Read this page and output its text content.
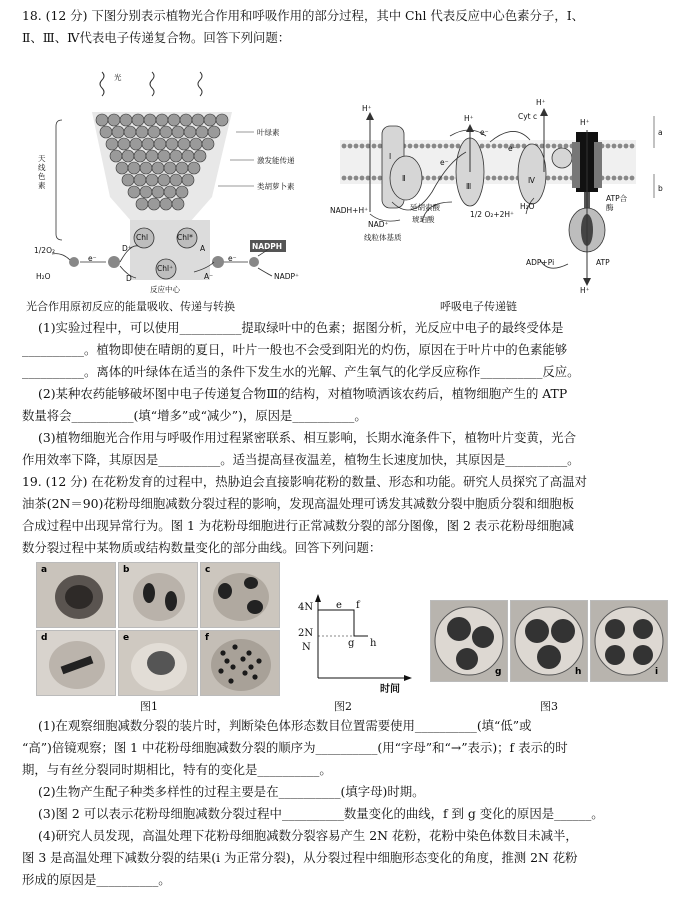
18. (12 分) 下图分别表示植物光合作用和呼吸作用的部分过程，其中 Chl 代表反应中心色素分子，Ⅰ、
Ⅱ、Ⅲ、Ⅳ代表电子传递复合物。回答下列问题：
光
天线色素
叶绿素
激发能传递
类胡萝卜素
Chl	Chl*
Chl⁺
反应中心
1/2O₂
H₂O
e⁻
D⁺
D
A
A⁻
e⁻
NADPH
NADP⁺
光合作用原初反应的能量吸收、传递与转换
H⁺
H⁺
H⁺
H⁺
H⁺
Cyt c
e⁻
e⁻
e⁻
NADH+H⁺
NAD⁺
Ⅰ
Ⅱ
Ⅲ
Ⅳ
延胡索酸
琥珀酸
线粒体基质
1/2 O₂+2H⁺
H₂O
ATP合酶
ADP+Pi	ATP
a
b
呼吸电子传递链
(1)实验过程中，可以使用__________提取绿叶中的色素；据图分析，光反应中电子的最终受体是
__________。植物即使在晴朗的夏日，叶片一般也不会受到阳光的灼伤，原因在于叶片中的色素能够
__________。离体的叶绿体在适当的条件下发生水的光解、产生氧气的化学反应称作__________反应。
(2)某种农药能够破坏图中电子传递复合物Ⅲ的结构，对植物喷洒该农药后，植物细胞产生的 ATP
数量将会__________(填“增多”或“减少”)，原因是__________。
(3)植物细胞光合作用与呼吸作用过程紧密联系、相互影响，长期水淹条件下，植物叶片变黄，光合
作用效率下降，其原因是__________。适当提高昼夜温差，植物生长速度加快，其原因是__________。
19. (12 分) 在花粉发育的过程中，热胁迫会直接影响花粉的数量、形态和功能。研究人员探究了高温对
油茶(2N＝90)花粉母细胞减数分裂过程的影响，发现高温处理可诱发其减数分裂中胞质分裂和细胞板
合成过程中出现异常行为。图 1 为花粉母细胞进行正常减数分裂的部分图像，图 2 表示花粉母细胞减
数分裂过程中某物质或结构数量变化的部分曲线。回答下列问题：
a	b	c
d	e	f
图1
4N
2N
N
e f
g h
时间
图2
g	h	i
图3
(1)在观察细胞减数分裂的装片时，判断染色体形态数目位置需要使用__________(填“低”或
“高”)倍镜观察；图 1 中花粉母细胞减数分裂的顺序为__________(用“字母”和“→”表示)；f 表示的时
期，与有丝分裂同时期相比，特有的变化是__________。
(2)生物产生配子种类多样性的过程主要是在__________(填字母)时期。
(3)图 2 可以表示花粉母细胞减数分裂过程中__________数量变化的曲线，f 到 g 变化的原因是______。
(4)研究人员发现，高温处理下花粉母细胞减数分裂容易产生 2N 花粉，花粉中染色体数目未减半，
图 3 是高温处理下减数分裂的结果(i 为正常分裂)，从分裂过程中细胞形态变化的角度，推测 2N 花粉
形成的原因是__________。
